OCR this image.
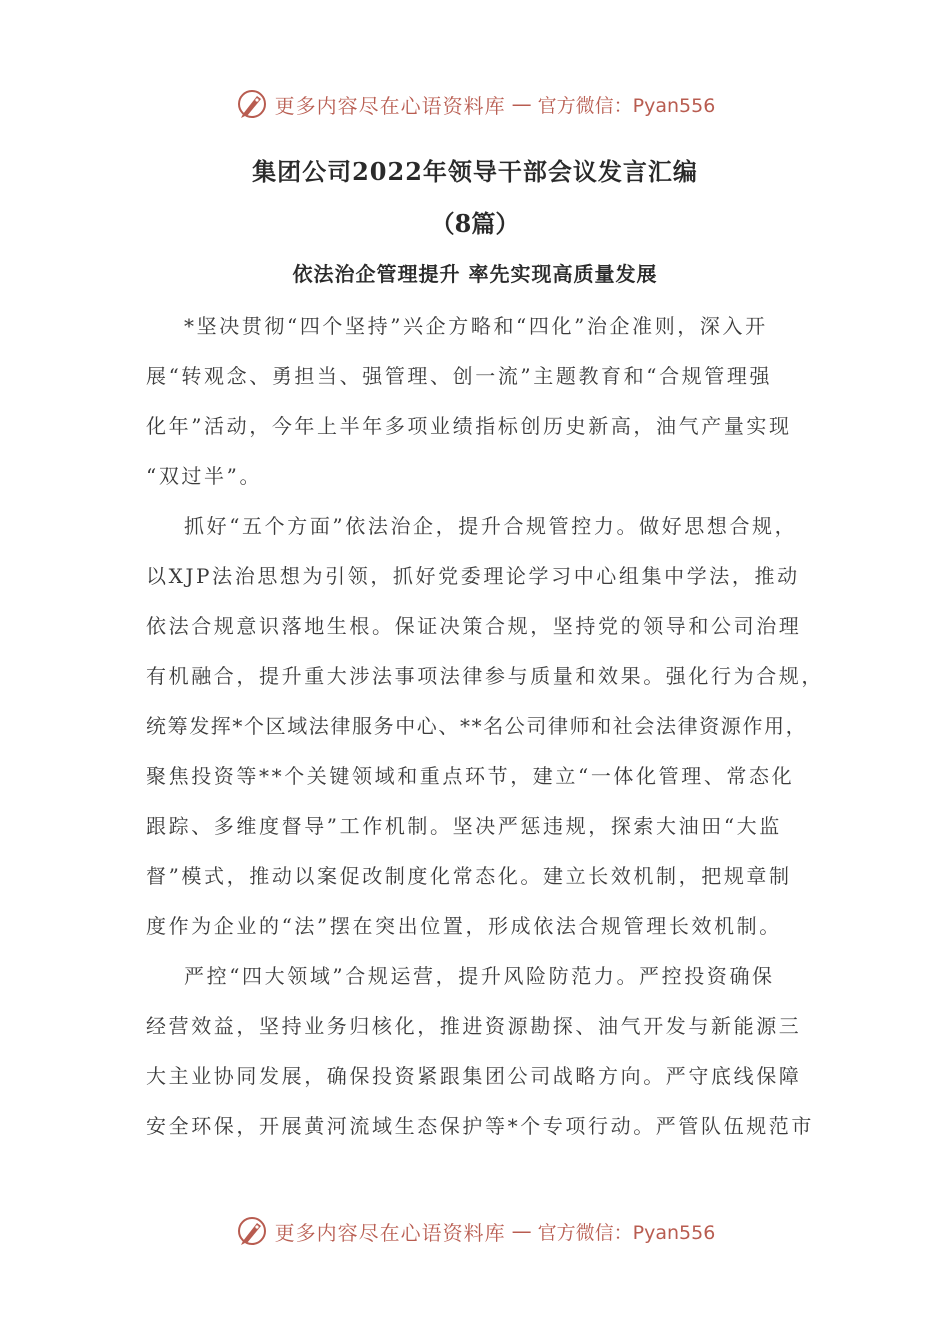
更多内容尽在心语资料库 — 官方微信：Pyan556
集团公司2022年领导干部会议发言汇编
（8篇）
依法治企管理提升 率先实现高质量发展
*坚决贯彻“四个坚持”兴企方略和“四化”治企准则，深入开
展“转观念、勇担当、强管理、创一流”主题教育和“合规管理强
化年”活动，今年上半年多项业绩指标创历史新高，油气产量实现
“双过半”。
抓好“五个方面”依法治企，提升合规管控力。做好思想合规，
以XJP法治思想为引领，抓好党委理论学习中心组集中学法，推动
依法合规意识落地生根。保证决策合规，坚持党的领导和公司治理
有机融合，提升重大涉法事项法律参与质量和效果。强化行为合规，
统筹发挥*个区域法律服务中心、**名公司律师和社会法律资源作用，
聚焦投资等**个关键领域和重点环节，建立“一体化管理、常态化
跟踪、多维度督导”工作机制。坚决严惩违规，探索大油田“大监
督”模式，推动以案促改制度化常态化。建立长效机制，把规章制
度作为企业的“法”摆在突出位置，形成依法合规管理长效机制。
严控“四大领域”合规运营，提升风险防范力。严控投资确保
经营效益，坚持业务归核化，推进资源勘探、油气开发与新能源三
大主业协同发展，确保投资紧跟集团公司战略方向。严守底线保障
安全环保，开展黄河流域生态保护等*个专项行动。严管队伍规范市
更多内容尽在心语资料库 — 官方微信：Pyan556
